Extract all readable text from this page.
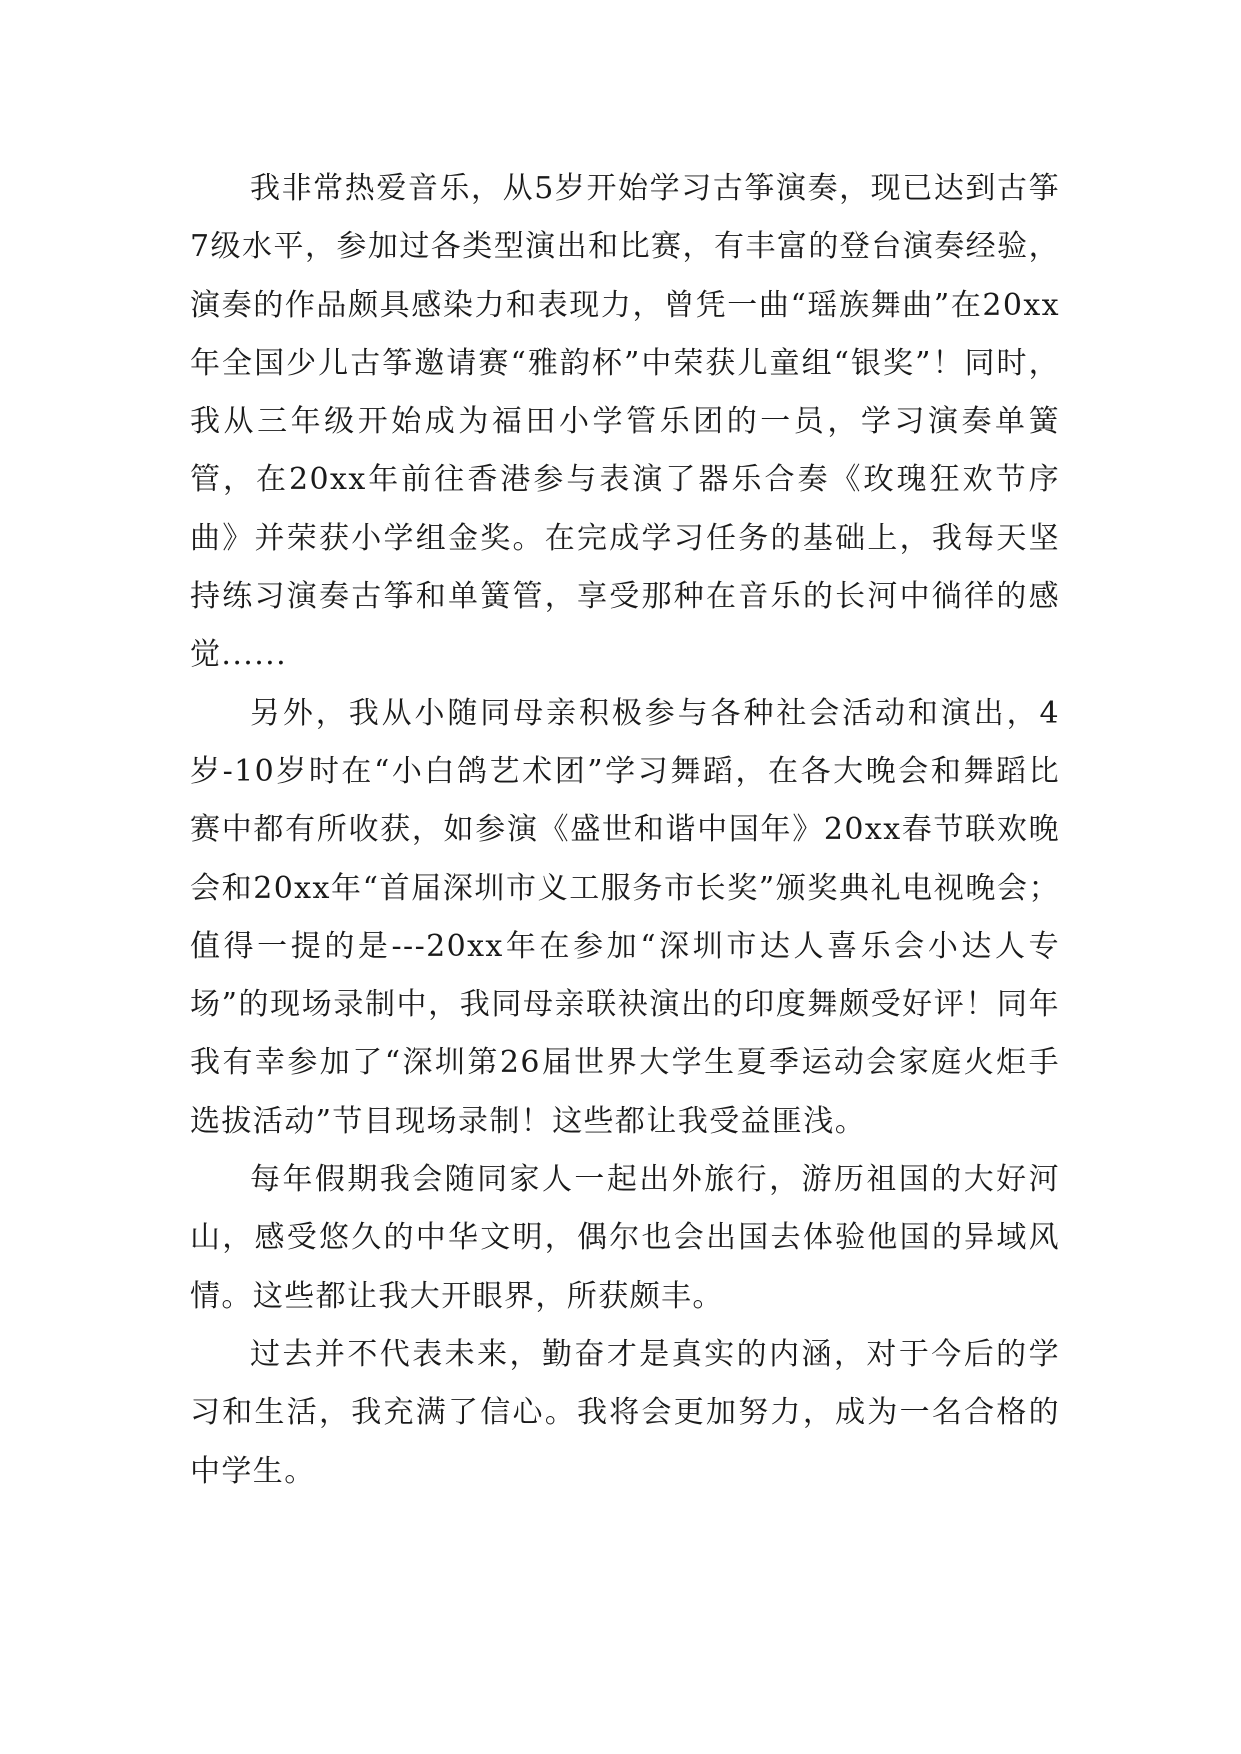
我非常热爱音乐，从5岁开始学习古筝演奏，现已达到古筝7级水平，参加过各类型演出和比赛，有丰富的登台演奏经验，演奏的作品颇具感染力和表现力，曾凭一曲“瑶族舞曲”在20xx年全国少儿古筝邀请赛“雅韵杯”中荣获儿童组“银奖”！同时，我从三年级开始成为福田小学管乐团的一员，学习演奏单簧管，在20xx年前往香港参与表演了器乐合奏《玫瑰狂欢节序曲》并荣获小学组金奖。在完成学习任务的基础上，我每天坚持练习演奏古筝和单簧管，享受那种在音乐的长河中徜徉的感觉......

另外，我从小随同母亲积极参与各种社会活动和演出，4岁-10岁时在“小白鸽艺术团”学习舞蹈，在各大晚会和舞蹈比赛中都有所收获，如参演《盛世和谐中国年》20xx春节联欢晚会和20xx年“首届深圳市义工服务市长奖”颁奖典礼电视晚会；值得一提的是---20xx年在参加“深圳市达人喜乐会小达人专场”的现场录制中，我同母亲联袂演出的印度舞颇受好评！同年我有幸参加了“深圳第26届世界大学生夏季运动会家庭火炬手选拔活动”节目现场录制！这些都让我受益匪浅。

每年假期我会随同家人一起出外旅行，游历祖国的大好河山，感受悠久的中华文明，偶尔也会出国去体验他国的异域风情。这些都让我大开眼界，所获颇丰。

过去并不代表未来，勤奋才是真实的内涵，对于今后的学习和生活，我充满了信心。我将会更加努力，成为一名合格的中学生。
